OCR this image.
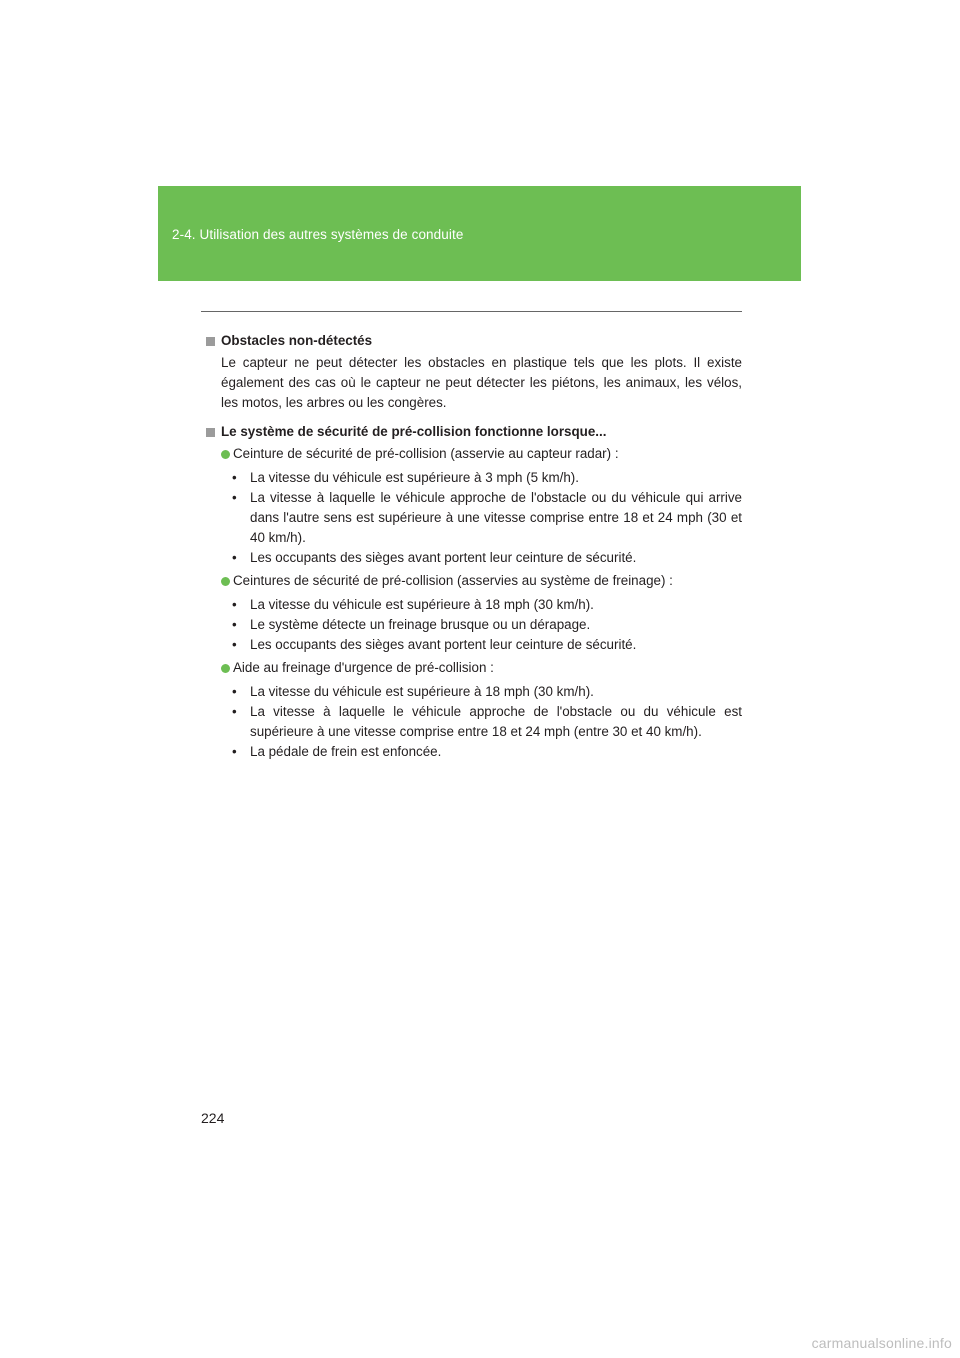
2-4. Utilisation des autres systèmes de conduite
Obstacles non-détectés
Le capteur ne peut détecter les obstacles en plastique tels que les plots. Il existe également des cas où le capteur ne peut détecter les piétons, les animaux, les vélos, les motos, les arbres ou les congères.
Le système de sécurité de pré-collision fonctionne lorsque...
Ceinture de sécurité de pré-collision (asservie au capteur radar) :
• La vitesse du véhicule est supérieure à 3 mph (5 km/h).
• La vitesse à laquelle le véhicule approche de l'obstacle ou du véhicule qui arrive dans l'autre sens est supérieure à une vitesse comprise entre 18 et 24 mph (30 et 40 km/h).
• Les occupants des sièges avant portent leur ceinture de sécurité.
Ceintures de sécurité de pré-collision (asservies au système de freinage) :
• La vitesse du véhicule est supérieure à 18 mph (30 km/h).
• Le système détecte un freinage brusque ou un dérapage.
• Les occupants des sièges avant portent leur ceinture de sécurité.
Aide au freinage d'urgence de pré-collision :
• La vitesse du véhicule est supérieure à 18 mph (30 km/h).
• La vitesse à laquelle le véhicule approche de l'obstacle ou du véhicule est supérieure à une vitesse comprise entre 18 et 24 mph (entre 30 et 40 km/h).
• La pédale de frein est enfoncée.
224
carmanualsonline.info
